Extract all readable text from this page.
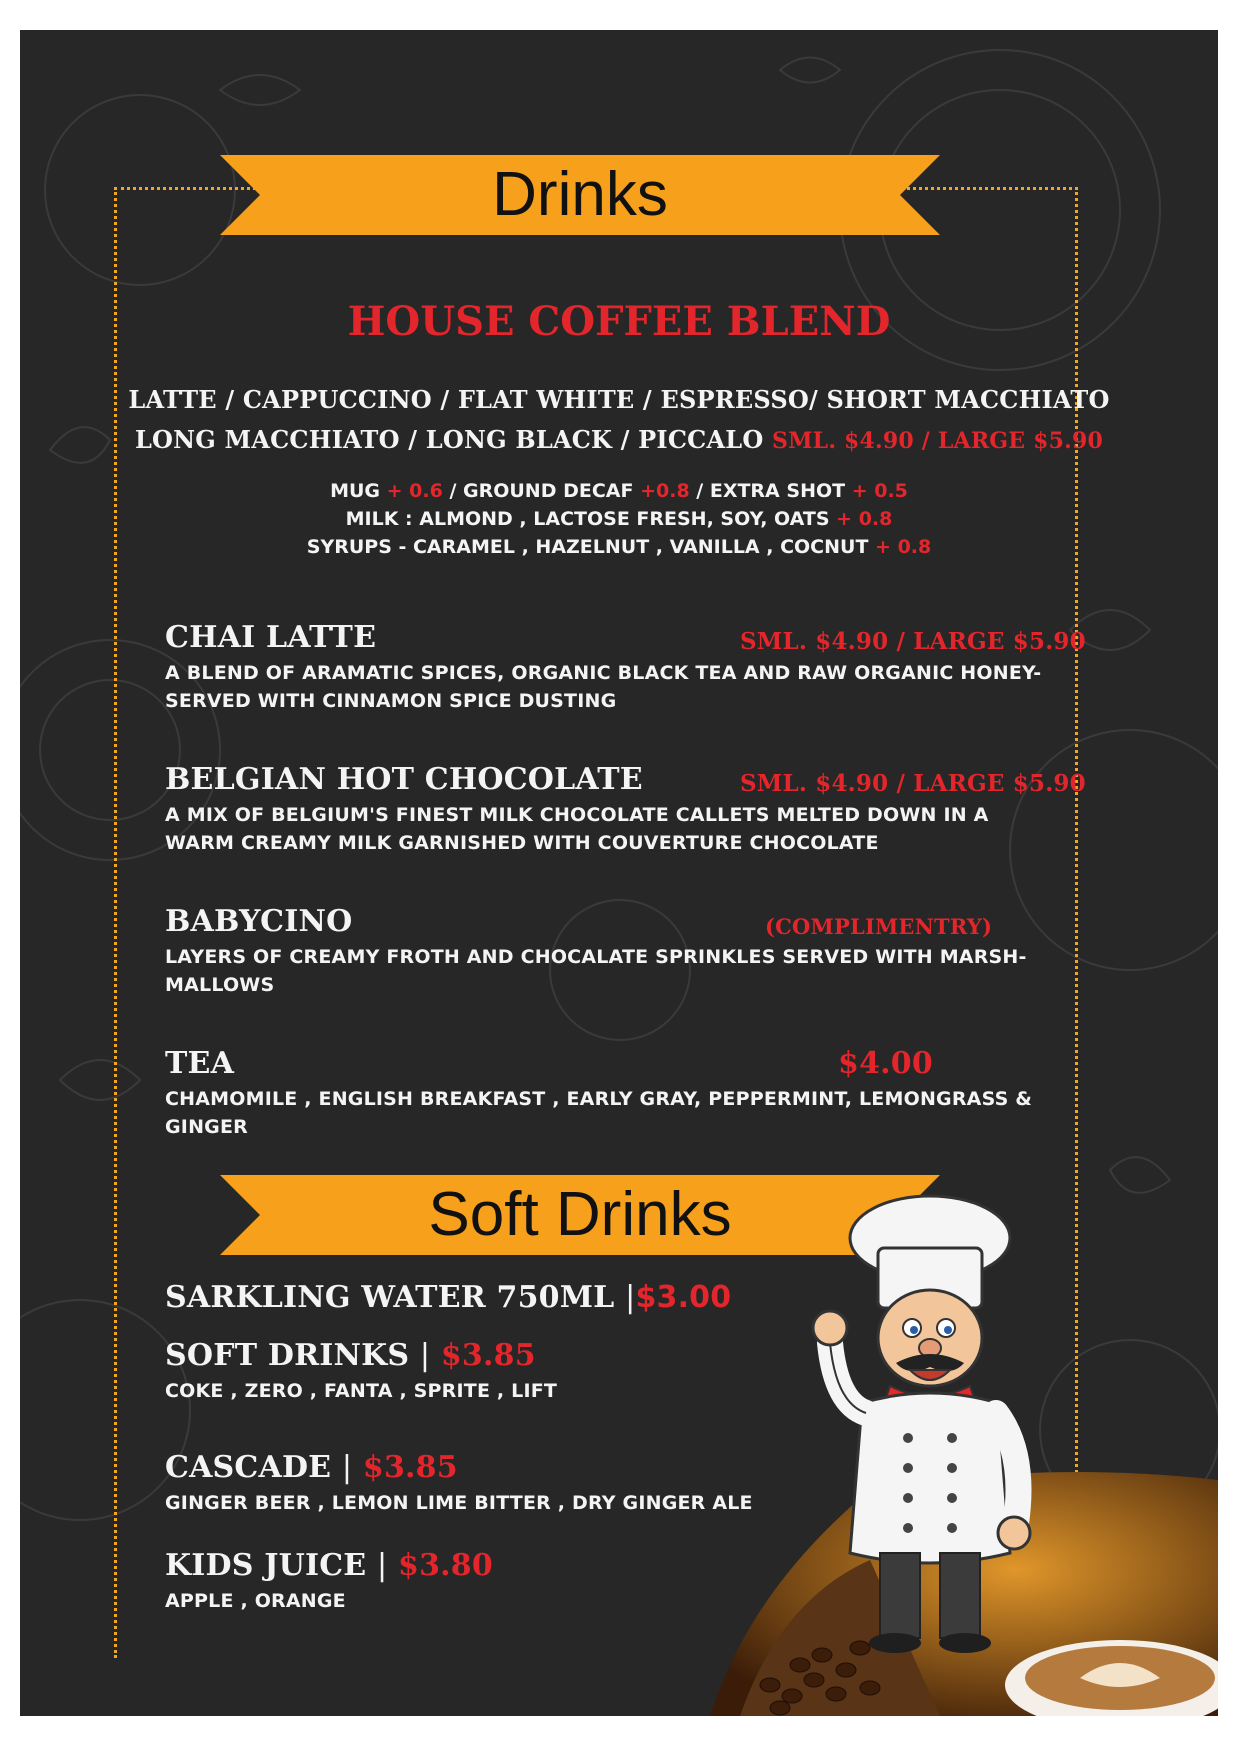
Drinks
HOUSE COFFEE BLEND
LATTE / CAPPUCCINO / FLAT WHITE / ESPRESSO/ SHORT MACCHIATO
LONG MACCHIATO / LONG BLACK / PICCALO SML. $4.90 / LARGE $5.90
MUG + 0.6 / GROUND DECAF +0.8 / EXTRA SHOT + 0.5
MILK : ALMOND , LACTOSE FRESH, SOY, OATS + 0.8
SYRUPS - CARAMEL , HAZELNUT , VANILLA , COCNUT + 0.8
CHAI LATTE	SML. $4.90 / LARGE $5.90
A BLEND OF ARAMATIC SPICES, ORGANIC BLACK TEA AND RAW ORGANIC HONEY-
SERVED WITH CINNAMON SPICE DUSTING
BELGIAN HOT CHOCOLATE	SML. $4.90 / LARGE $5.90
A MIX OF BELGIUM'S FINEST MILK CHOCOLATE CALLETS MELTED DOWN IN A
WARM CREAMY MILK GARNISHED WITH COUVERTURE CHOCOLATE
BABYCINO	(COMPLIMENTRY)
LAYERS OF CREAMY FROTH AND CHOCALATE SPRINKLES SERVED WITH MARSH-
MALLOWS
TEA	$4.00
CHAMOMILE , ENGLISH BREAKFAST , EARLY GRAY, PEPPERMINT, LEMONGRASS &
GINGER
Soft Drinks
SARKLING WATER 750ML |$3.00
SOFT DRINKS | $3.85
COKE , ZERO , FANTA , SPRITE , LIFT
CASCADE | $3.85
GINGER BEER , LEMON LIME BITTER , DRY GINGER ALE
KIDS JUICE | $3.80
APPLE , ORANGE
